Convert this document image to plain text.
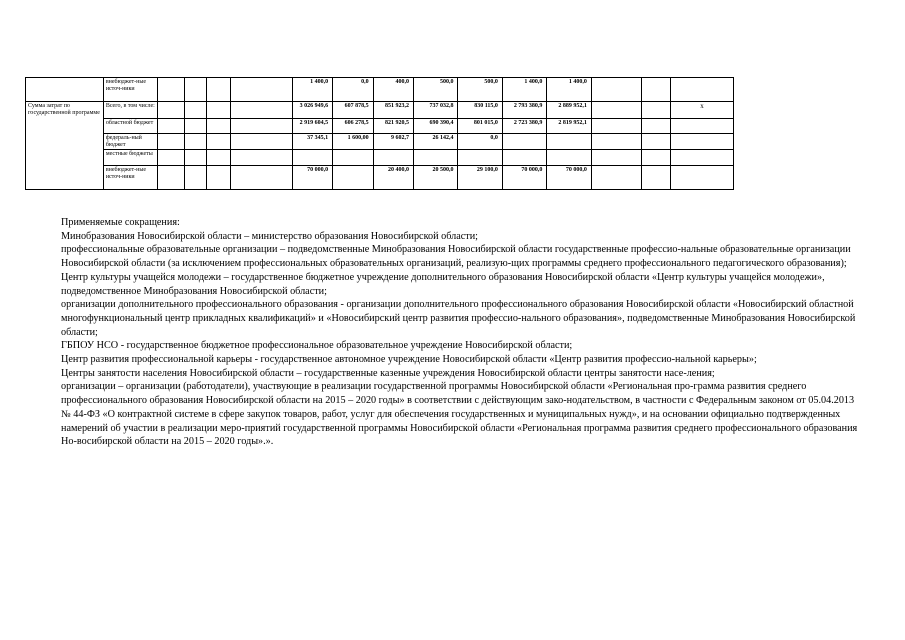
	внебюджет-ные источ-ники					1 400,0	0,0	400,0	500,0	500,0	1 400,0	1 400,0			
Сумма затрат по государственной программе	Всего, в том числе:					3 026 949,6	607 878,5	851 923,2	737 032,8	830 115,0	2 793 380,9	2 889 952,1			х
	областной бюджет					2 919 604,5	606 278,5	821 920,5	690 390,4	801 015,0	2 723 380,9	2 819 952,1			
	федераль-ный бюджет					37 345,1	1 600,00	9 602,7	26 142,4	0,0					
	местные бюджеты														
	внебюджет-ные источ-ники					70 000,0		20 400,0	20 500,0	29 100,0	70 000,0	70 000,0			

Применяемые сокращения:

Минобразования Новосибирской области – министерство образования Новосибирской области;

профессиональные образовательные организации – подведомственные Минобразования Новосибирской области государственные профессио-нальные образовательные организации Новосибирской области (за исключением профессиональных образовательных организаций, реализую-щих программы среднего профессионального педагогического образования);

Центр культуры учащейся молодежи – государственное бюджетное учреждение дополнительного образования Новосибирской области «Центр культуры учащейся молодежи», подведомственное Минобразования Новосибирской области;

организации дополнительного профессионального образования - организации дополнительного профессионального образования Новосибирской области «Новосибирский областной многофункциональный центр прикладных квалификаций» и «Новосибирский центр развития профессио-нального образования», подведомственные Минобразования Новосибирской области;

ГБПОУ НСО - государственное бюджетное профессиональное образовательное учреждение Новосибирской области;

Центр развития профессиональной карьеры - государственное автономное учреждение Новосибирской области «Центр развития профессио-нальной карьеры»;

Центры занятости населения Новосибирской области – государственные казенные учреждения Новосибирской области центры занятости насе-ления;

организации – организации (работодатели), участвующие в реализации государственной программы Новосибирской области «Региональная про-грамма развития среднего профессионального образования Новосибирской области на 2015 – 2020 годы» в соответствии с действующим зако-нодательством, в частности с Федеральным законом от 05.04.2013 № 44-ФЗ «О контрактной системе в сфере закупок товаров, работ, услуг для обеспечения государственных и муниципальных нужд», и на основании официально подтвержденных намерений об участии в реализации меро-приятий государственной программы Новосибирской области «Региональная программа развития среднего профессионального образования Но-восибирской области на 2015 – 2020 годы».».
